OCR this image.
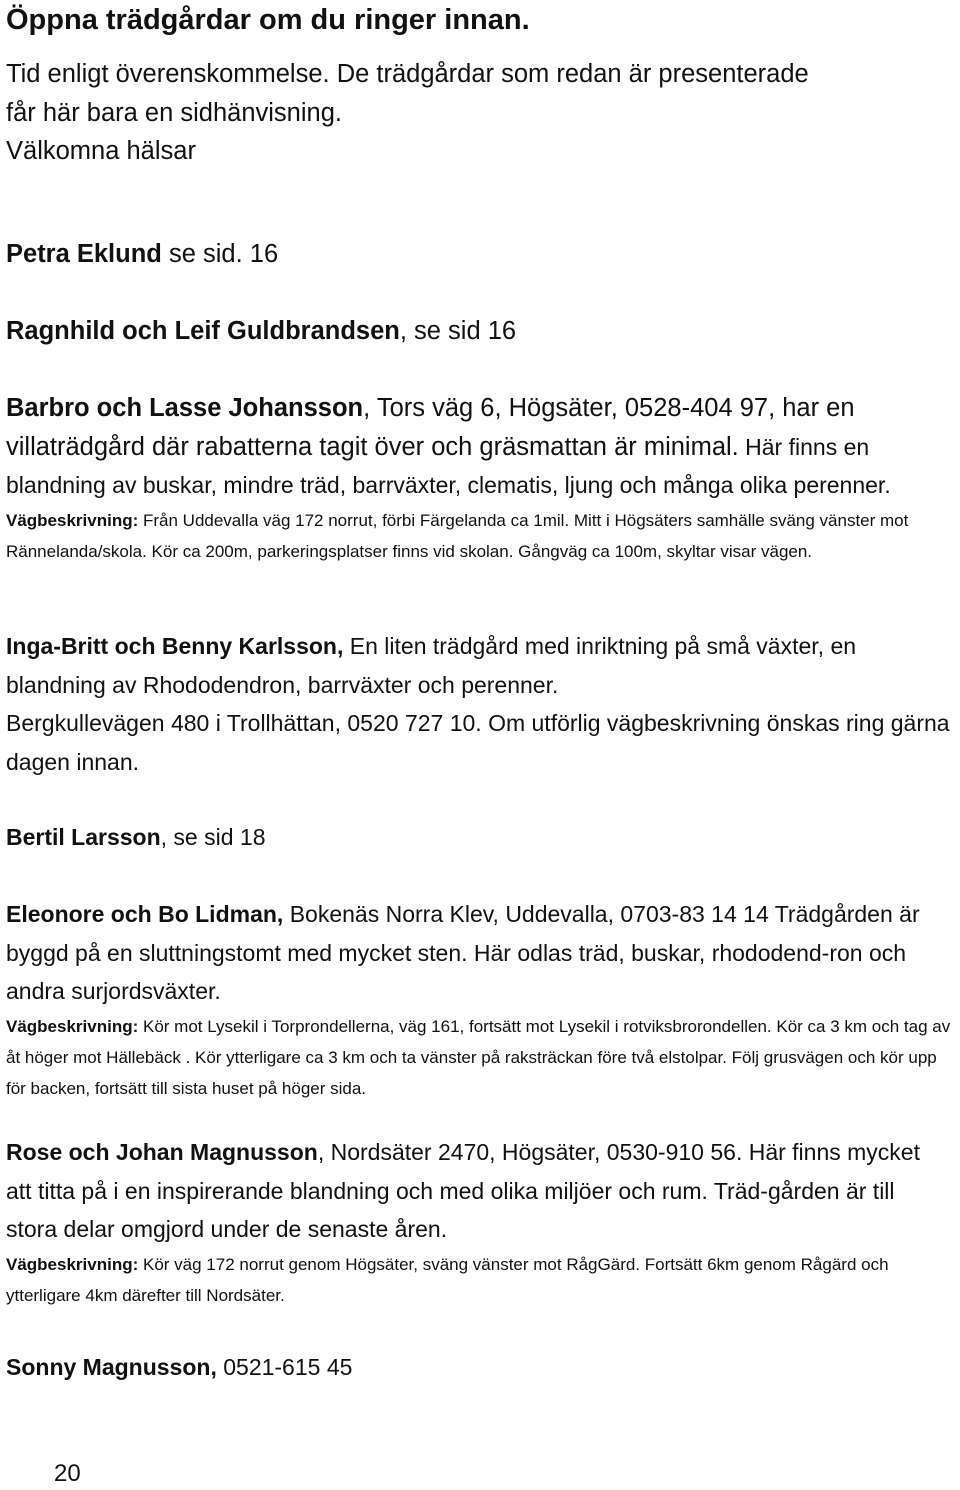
Öppna trädgårdar om du ringer innan.
Tid enligt överenskommelse. De trädgårdar som redan är presenterade
får här bara en sidhänvisning.
Välkomna hälsar

Petra Eklund se sid. 16

Ragnhild och Leif Guldbrandsen, se sid 16

Barbro och Lasse Johansson, Tors väg 6, Högsäter, 0528-404 97, har en villaträdgård där rabatterna tagit över och gräsmattan är minimal. Här finns en blandning av buskar, mindre träd, barrväxter, clematis, ljung och många olika perenner.
Vägbeskrivning: Från Uddevalla väg 172 norrut, förbi Färgelanda ca 1mil. Mitt i Högsäters samhälle sväng vänster mot Rännelanda/skola. Kör ca 200m, parkeringsplatser finns vid skolan. Gångväg ca 100m, skyltar visar vägen.
Inga-Britt och Benny Karlsson, En liten trädgård med inriktning på små växter, en blandning av Rhododendron, barrväxter och perenner.
Bergkullevägen 480 i Trollhättan, 0520 727 10. Om utförlig vägbeskrivning önskas ring gärna dagen innan.

Bertil Larsson, se sid 18

Eleonore och Bo Lidman, Bokenäs Norra Klev, Uddevalla, 0703-83 14 14 Trädgården är byggd på en sluttningstomt med mycket sten. Här odlas träd, buskar, rhododend-ron och andra surjordsväxter.
Vägbeskrivning: Kör mot Lysekil i Torprondellerna, väg 161, fortsätt mot Lysekil i rotviksbrorondellen. Kör ca 3 km och tag av åt höger mot Hällebäck . Kör ytterligare ca 3 km och ta vänster på raksträckan före två elstolpar. Följ grusvägen och kör upp för backen, fortsätt till sista huset på höger sida.
Rose och Johan Magnusson, Nordsäter 2470, Högsäter, 0530-910 56. Här finns mycket att titta på i en inspirerande blandning och med olika miljöer och rum. Träd-gården är till stora delar omgjord under de senaste åren.
Vägbeskrivning: Kör väg 172 norrut genom Högsäter, sväng vänster mot RågGärd. Fortsätt 6km genom Rågärd och ytterligare 4km därefter till Nordsäter.

Sonny Magnusson, 0521-615 45

20
